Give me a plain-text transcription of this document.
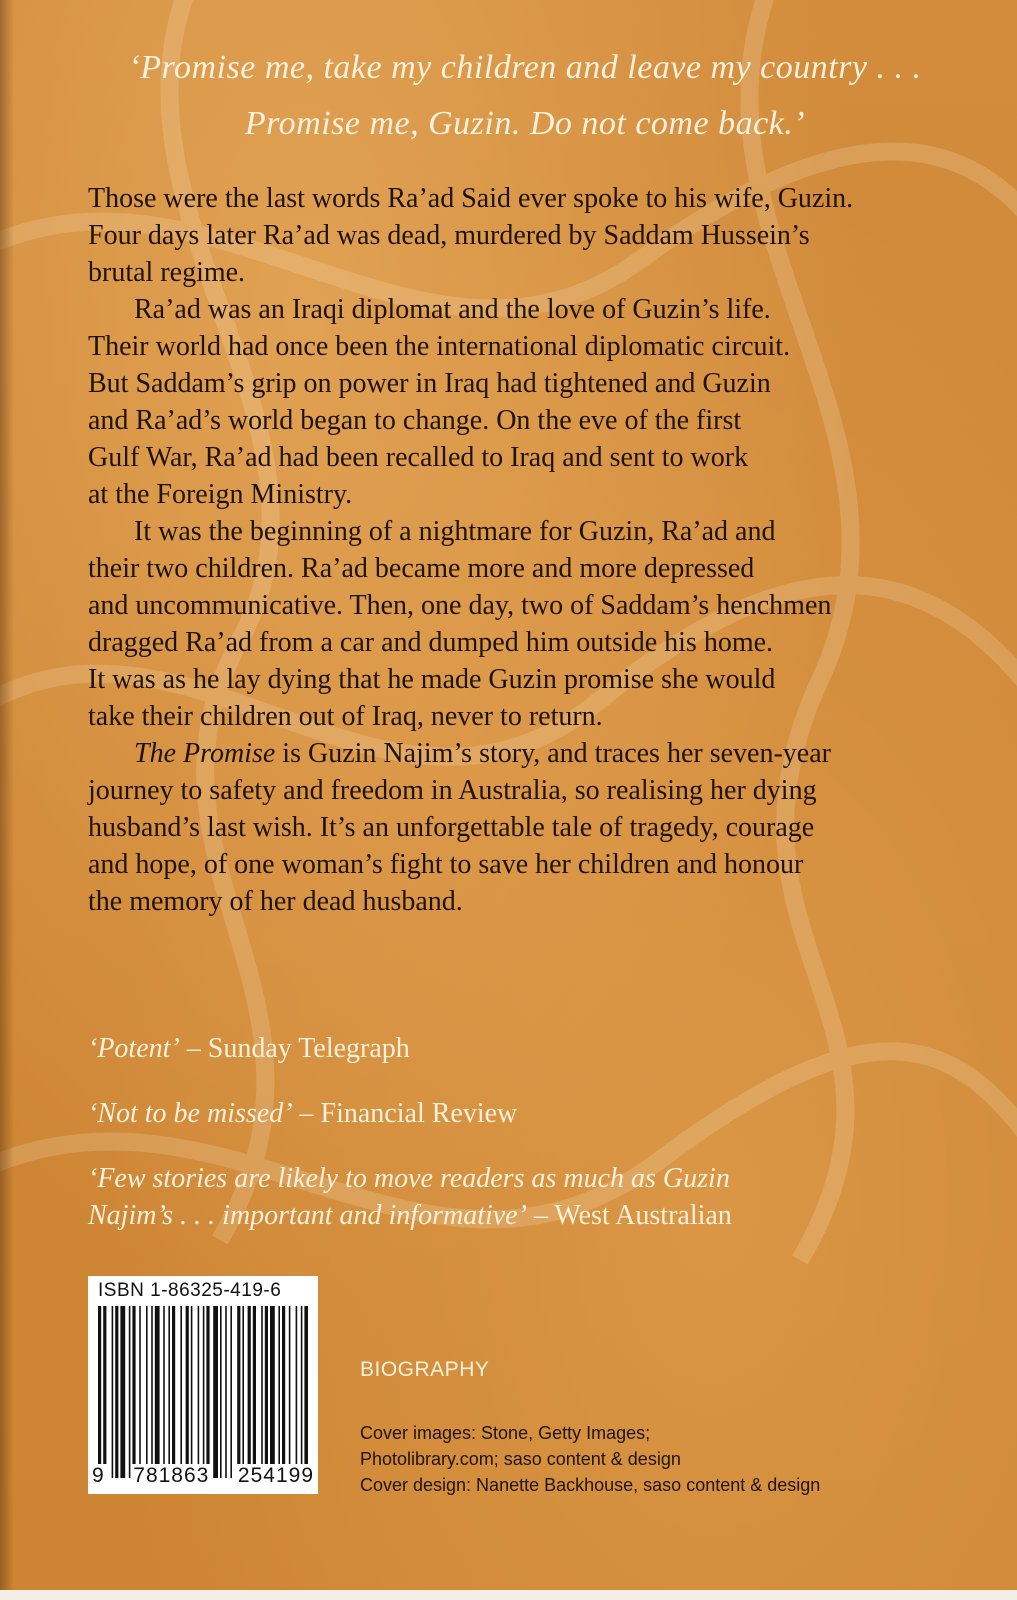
‘Promise me, take my children and leave my country . . .
Promise me, Guzin. Do not come back.’

Those were the last words Ra’ad Said ever spoke to his wife, Guzin.
Four days later Ra’ad was dead, murdered by Saddam Hussein’s
brutal regime.

Ra’ad was an Iraqi diplomat and the love of Guzin’s life.
Their world had once been the international diplomatic circuit.
But Saddam’s grip on power in Iraq had tightened and Guzin
and Ra’ad’s world began to change. On the eve of the first
Gulf War, Ra’ad had been recalled to Iraq and sent to work
at the Foreign Ministry.

It was the beginning of a nightmare for Guzin, Ra’ad and
their two children. Ra’ad became more and more depressed
and uncommunicative. Then, one day, two of Saddam’s henchmen
dragged Ra’ad from a car and dumped him outside his home.
It was as he lay dying that he made Guzin promise she would
take their children out of Iraq, never to return.

The Promise is Guzin Najim’s story, and traces her seven-year
journey to safety and freedom in Australia, so realising her dying
husband’s last wish. It’s an unforgettable tale of tragedy, courage
and hope, of one woman’s fight to save her children and honour
the memory of her dead husband.

‘Potent’ – Sunday Telegraph
‘Not to be missed’ – Financial Review
‘Few stories are likely to move readers as much as Guzin
Najim’s . . . important and informative’ – West Australian
ISBN 1-86325-419-6
9 781863 254199
BIOGRAPHY
Cover images: Stone, Getty Images;
Photolibrary.com; saso content & design
Cover design: Nanette Backhouse, saso content & design
